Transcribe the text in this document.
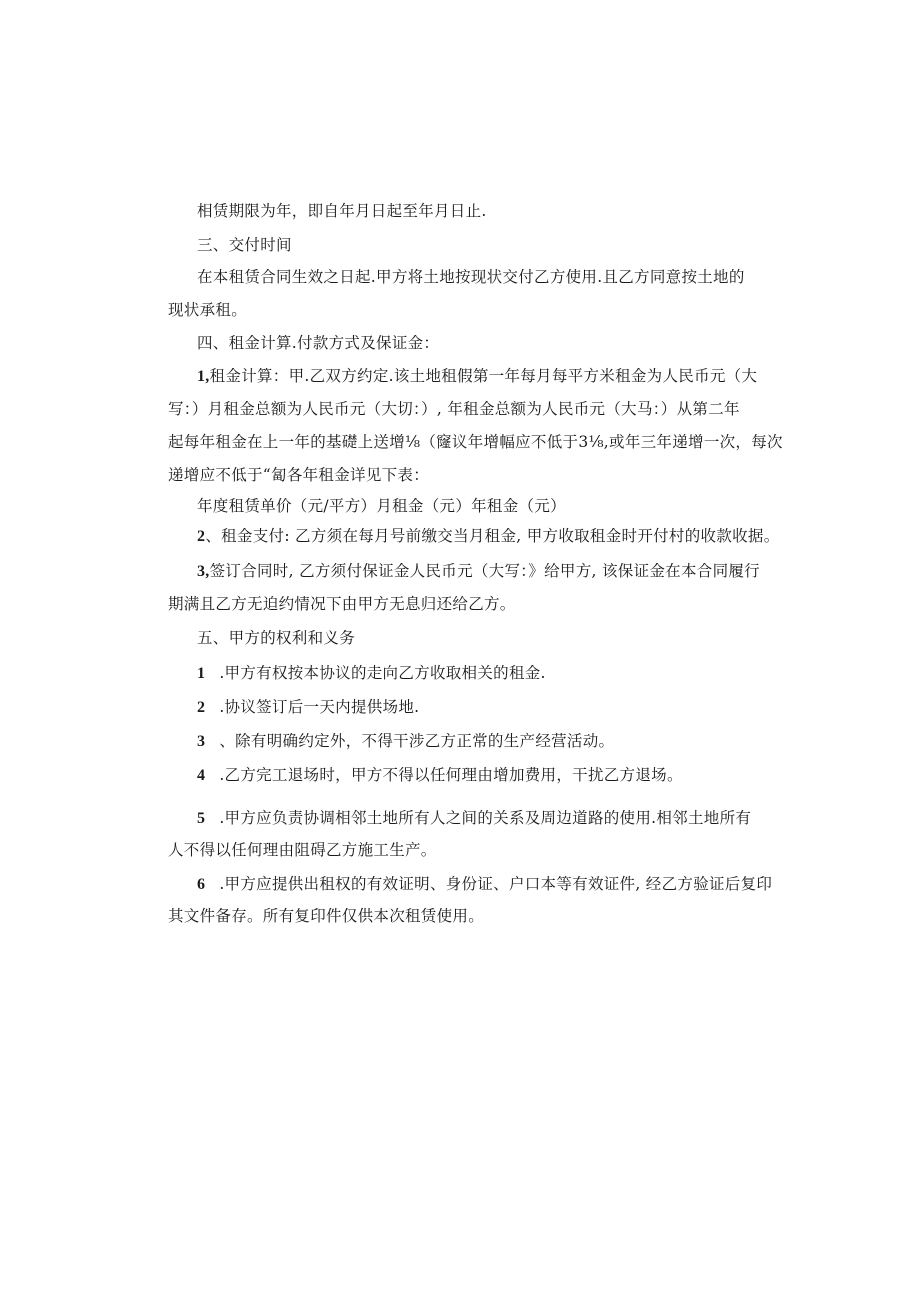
相赁期限为年，即自年月日起至年月日止.
三、交付时间
在本租赁合同生效之日起.甲方将土地按现状交付乙方使用.且乙方同意按土地的
现状承租。
四、租金计算.付款方式及保证金：
1,租金计算：甲.乙双方约定.该土地租假第一年每月每平方米租金为人民币元（大
写：）月租金总额为人民币元（大切：）, 年租金总额为人民币元（大马：）从第二年
起每年租金在上一年的基礎上送增⅛（窿议年增幅应不低于3⅛,或年三年递增一次，每次
递增应不低于“匐各年租金详见下表：
年度租赁单价（元/平方）月租金（元）年租金（元）
2、租金支付: 乙方须在每月号前缴交当月租金, 甲方收取租金时开付村的收款收据。
3,签订合同时, 乙方须付保证金人民币元（大写：》给甲方, 该保证金在本合同履行
期满且乙方无迫约情况下由甲方无息归还给乙方。
五、甲方的权利和义务
1 .甲方有权按本协议的走向乙方收取相关的租金.
2 .协议签订后一天内提供场地.
3 、除有明确约定外，不得干涉乙方正常的生产经营活动。
4 .乙方完工退场时，甲方不得以任何理由增加费用，干扰乙方退场。
5 .甲方应负责协调相邻土地所有人之间的关系及周边道路的使用.相邻土地所有
人不得以任何理由阻碍乙方施工生产。
6 .甲方应提供出租权的有效证明、身份证、户口本等有效证件, 经乙方验证后复印
其文件备存。所有复印件仅供本次租赁使用。
